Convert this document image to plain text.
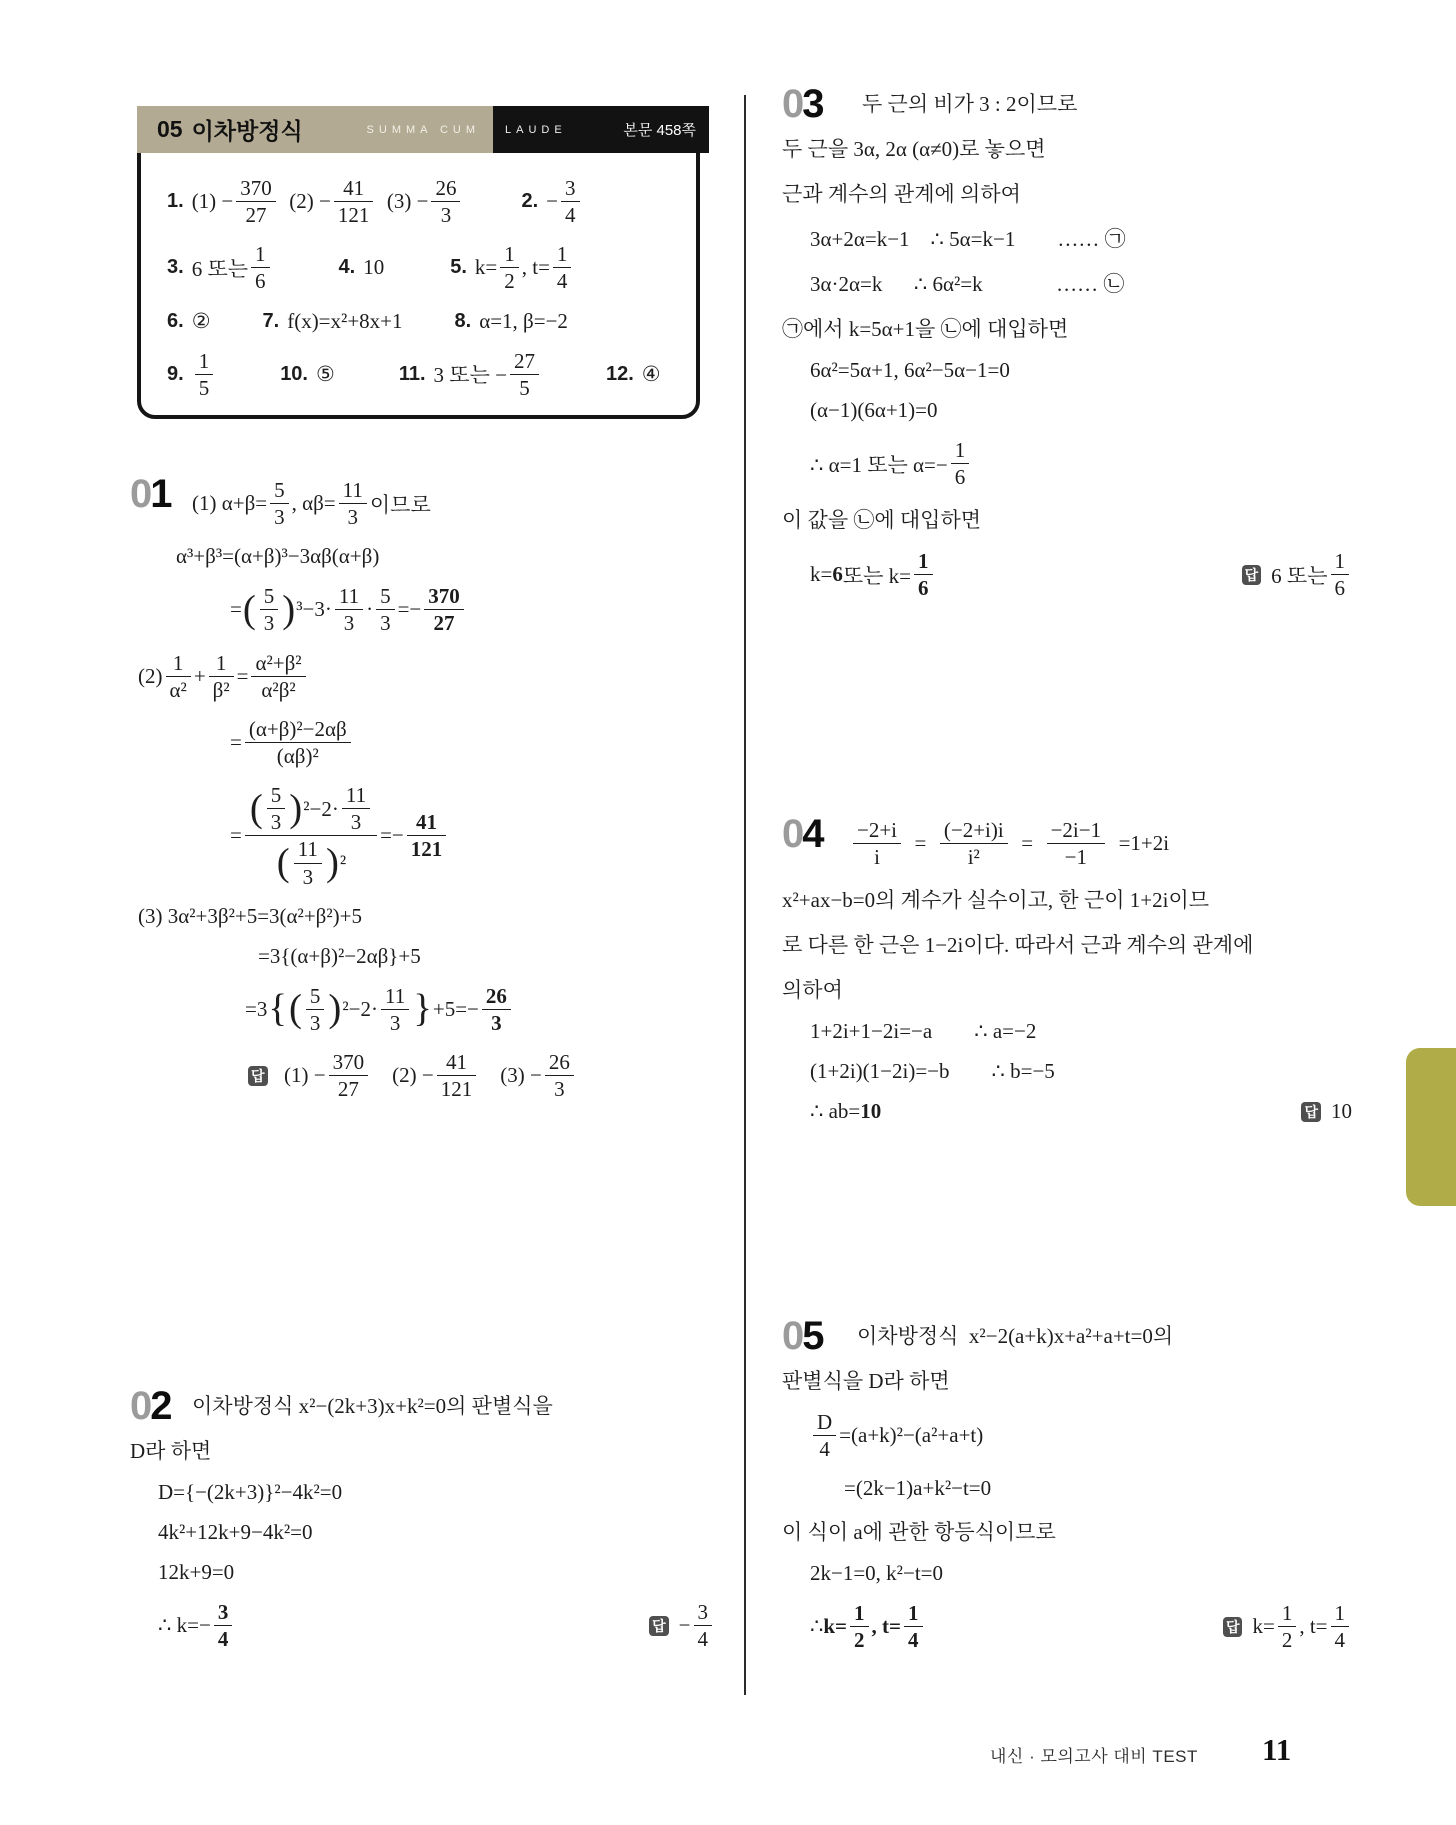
05 이차방정식	SUMMA CUM LAUDE	본문 458쪽
1. $(1) - \frac{370}{27}$  $(2) - \frac{41}{121}$  $(3) - \frac{26}{3}$	2. − $\frac{3}{4}$
3. 6 또는 $\frac{1}{6}$	4. 10	5. $k= \frac{1}{2}$ , $t= \frac{1}{4}$
6. ②	7. f(x)=x²+8x+1	8. α=1, β=−2
9. $\frac{1}{5}$	10. ⑤	11. 3 또는 − $\frac{27}{5}$	12. ④
01 (1) $\alpha+\beta= \frac{5}{3}$ , $\alpha\beta= \frac{11}{3}$ 이므로
α³+β³=(α+β)³−3αβ(α+β)
= ( $\frac{5}{3}$ ) $^3-3\cdot \frac{11}{3} \cdot \frac{5}{3} =- \frac{370}{27}$
$(2) \frac{1}{\text{α²}} + \frac{1}{\text{β²}} = \frac{\text{α²+β²}}{\text{α²β²}}$
= $\frac{\text{(α+β)²−2αβ}}{\text{(αβ)²}}$
= $\frac{( \frac{5}{3} ) ^2-2\cdot \frac{11}{3}}{( \frac{11}{3} ) ^2} =- \frac{41}{121}$
(3) 3α²+3β²+5=3(α²+β²)+5
=3{(α+β)²−2αβ}+5
=3 { ( $\frac{5}{3}$ ) $^2-2\cdot \frac{11}{3}$ } $+5=- \frac{26}{3}$
답  $(1) - \frac{370}{27}$   $(2) - \frac{41}{121}$   $(3) - \frac{26}{3}$
02 이차방정식 x²−(2k+3)x+k²=0의 판별식을
D라 하면
D={−(2k+3)}²−4k²=0
4k²+12k+9−4k²=0
12k+9=0
∴ $k=- \frac{3}{4}$	답 − $\frac{3}{4}$
03 두 근의 비가 3 : 2이므로
두 근을 3α, 2α (α≠0)로 놓으면
근과 계수의 관계에 의하여
3α+2α=k−1 ∴ 5α=k−1  …… ㉠
3α·2α=k  ∴ 6α²=k    …… ㉡
㉠에서 k=5α+1을 ㉡에 대입하면
6α²=5α+1, 6α²−5α−1=0
(α−1)(6α+1)=0
∴ α=1 또는 $\alpha=- \frac{1}{6}$
이 값을 ㉡에 대입하면
k= 6 또는 $k= \frac{1}{6}$	답 6 또는 $\frac{1}{6}$
$04 \frac{-2+i}{i}$  =  $\frac{(-2+i)i}{\text{i²}}$  =  $\frac{-2i-1}{-1}$  =1+2i
x²+ax−b=0의 계수가 실수이고, 한 근이 1+2i이므
로 다른 한 근은 1−2i이다. 따라서 근과 계수의 관계에
의하여
1+2i+1−2i=−a  ∴ a=−2
(1+2i)(1−2i)=−b  ∴ b=−5
∴ ab= 10	답 10
05 이차방정식 x²−2(a+k)x+a²+a+t=0의
판별식을 D라 하면
$\frac{D}{4} =(a+k)^2-(a^2+a+t)$
=(2k−1)a+k²−t=0
이 식이 a에 관한 항등식이므로
2k−1=0, k²−t=0
∴ $k= \frac{1}{2}$ , $t= \frac{1}{4}$	답 $k= \frac{1}{2}$ , $t= \frac{1}{4}$
내신 · 모의고사 대비 TEST 11
